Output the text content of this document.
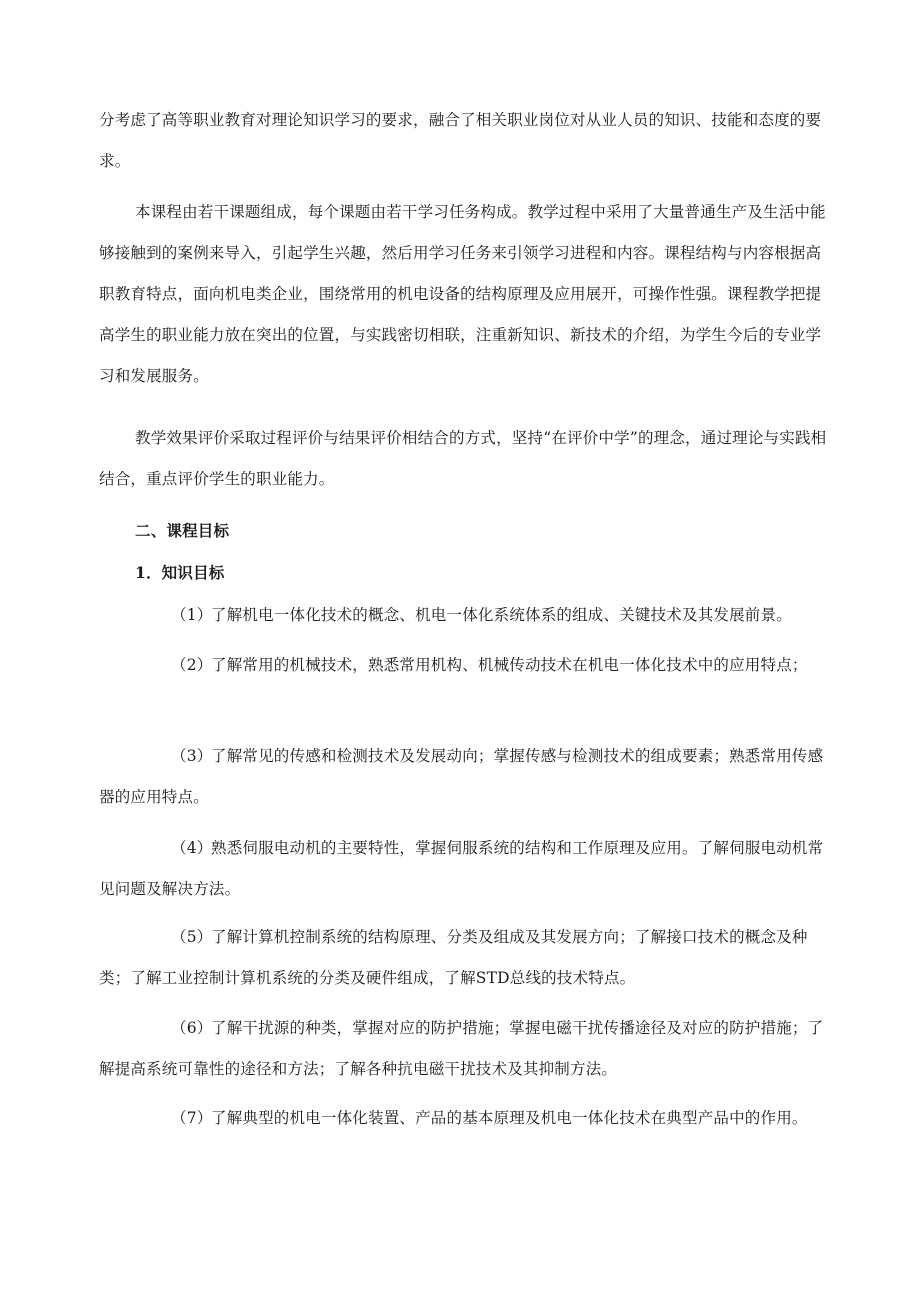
分考虑了高等职业教育对理论知识学习的要求，融合了相关职业岗位对从业人员的知识、技能和态度的要求。

本课程由若干课题组成，每个课题由若干学习任务构成。教学过程中采用了大量普通生产及生活中能够接触到的案例来导入，引起学生兴趣，然后用学习任务来引领学习进程和内容。课程结构与内容根据高职教育特点，面向机电类企业，围绕常用的机电设备的结构原理及应用展开，可操作性强。课程教学把提高学生的职业能力放在突出的位置，与实践密切相联，注重新知识、新技术的介绍，为学生今后的专业学习和发展服务。

教学效果评价采取过程评价与结果评价相结合的方式，坚持“在评价中学”的理念，通过理论与实践相结合，重点评价学生的职业能力。

二、课程目标
1．知识目标

（1）了解机电一体化技术的概念、机电一体化系统体系的组成、关键技术及其发展前景。

（2）了解常用的机械技术，熟悉常用机构、机械传动技术在机电一体化技术中的应用特点；

（3）了解常见的传感和检测技术及发展动向；掌握传感与检测技术的组成要素；熟悉常用传感器的应用特点。

（4）熟悉伺服电动机的主要特性，掌握伺服系统的结构和工作原理及应用。了解伺服电动机常见问题及解决方法。

（5）了解计算机控制系统的结构原理、分类及组成及其发展方向；了解接口技术的概念及种类；了解工业控制计算机系统的分类及硬件组成，了解STD总线的技术特点。

（6）了解干扰源的种类，掌握对应的防护措施；掌握电磁干扰传播途径及对应的防护措施；了解提高系统可靠性的途径和方法；了解各种抗电磁干扰技术及其抑制方法。

（7）了解典型的机电一体化装置、产品的基本原理及机电一体化技术在典型产品中的作用。
